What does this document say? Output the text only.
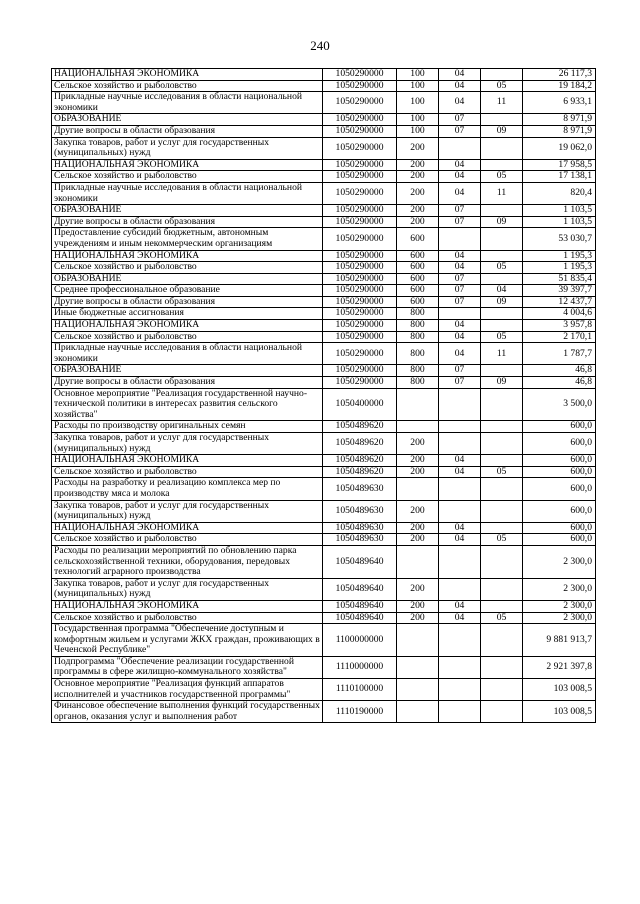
240
НАЦИОНАЛЬНАЯ ЭКОНОМИКА	1050290000	100	04		26 117,3
Сельское хозяйство и рыболовство	1050290000	100	04	05	19 184,2
Прикладные научные исследования в области национальной экономики	1050290000	100	04	11	6 933,1
ОБРАЗОВАНИЕ	1050290000	100	07		8 971,9
Другие вопросы в области образования	1050290000	100	07	09	8 971,9
Закупка товаров, работ и услуг для государственных (муниципальных) нужд	1050290000	200			19 062,0
НАЦИОНАЛЬНАЯ ЭКОНОМИКА	1050290000	200	04		17 958,5
Сельское хозяйство и рыболовство	1050290000	200	04	05	17 138,1
Прикладные научные исследования в области национальной экономики	1050290000	200	04	11	820,4
ОБРАЗОВАНИЕ	1050290000	200	07		1 103,5
Другие вопросы в области образования	1050290000	200	07	09	1 103,5
Предоставление субсидий бюджетным, автономным учреждениям и иным некоммерческим организациям	1050290000	600			53 030,7
НАЦИОНАЛЬНАЯ ЭКОНОМИКА	1050290000	600	04		1 195,3
Сельское хозяйство и рыболовство	1050290000	600	04	05	1 195,3
ОБРАЗОВАНИЕ	1050290000	600	07		51 835,4
Среднее профессиональное образование	1050290000	600	07	04	39 397,7
Другие вопросы в области образования	1050290000	600	07	09	12 437,7
Иные бюджетные ассигнования	1050290000	800			4 004,6
НАЦИОНАЛЬНАЯ ЭКОНОМИКА	1050290000	800	04		3 957,8
Сельское хозяйство и рыболовство	1050290000	800	04	05	2 170,1
Прикладные научные исследования в области национальной экономики	1050290000	800	04	11	1 787,7
ОБРАЗОВАНИЕ	1050290000	800	07		46,8
Другие вопросы в области образования	1050290000	800	07	09	46,8
Основное мероприятие "Реализация государственной научно-технической политики в интересах развития сельского хозяйства"	1050400000				3 500,0
Расходы по производству оригинальных семян	1050489620				600,0
Закупка товаров, работ и услуг для государственных (муниципальных) нужд	1050489620	200			600,0
НАЦИОНАЛЬНАЯ ЭКОНОМИКА	1050489620	200	04		600,0
Сельское хозяйство и рыболовство	1050489620	200	04	05	600,0
Расходы на разработку и реализацию комплекса мер по производству мяса и молока	1050489630				600,0
Закупка товаров, работ и услуг для государственных (муниципальных) нужд	1050489630	200			600,0
НАЦИОНАЛЬНАЯ ЭКОНОМИКА	1050489630	200	04		600,0
Сельское хозяйство и рыболовство	1050489630	200	04	05	600,0
Расходы по реализации мероприятий по обновлению парка сельскохозяйственной техники, оборудования, передовых технологий аграрного производства	1050489640				2 300,0
Закупка товаров, работ и услуг для государственных (муниципальных) нужд	1050489640	200			2 300,0
НАЦИОНАЛЬНАЯ ЭКОНОМИКА	1050489640	200	04		2 300,0
Сельское хозяйство и рыболовство	1050489640	200	04	05	2 300,0
Государственная программа "Обеспечение доступным и комфортным жильем и услугами ЖКХ граждан, проживающих в Чеченской Республике"	1100000000				9 881 913,7
Подпрограмма "Обеспечение реализации государственной программы в сфере жилищно-коммунального хозяйства"	1110000000				2 921 397,8
Основное мероприятие "Реализация функций аппаратов исполнителей и участников государственной программы"	1110100000				103 008,5
Финансовое обеспечение выполнения функций государственных органов, оказания услуг и выполнения работ	1110190000				103 008,5
